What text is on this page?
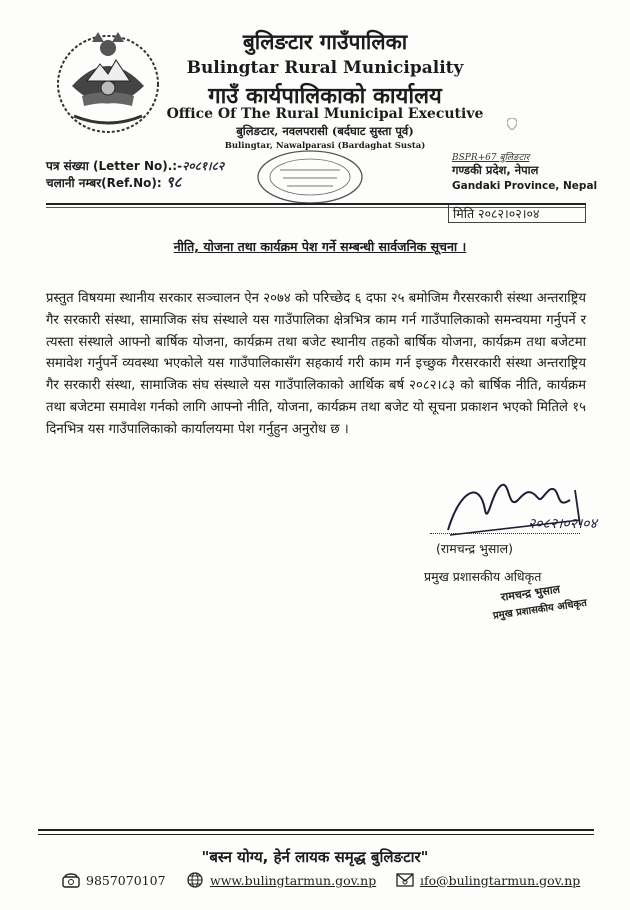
बुलिङटार गाउँपालिका
Bulingtar Rural Municipality
गाउँ कार्यपालिकाको कार्यालय
Office Of The Rural Municipal Executive
बुलिङटार, नवलपरासी (बर्दघाट सुस्ता पूर्व)
Bulingtar, Nawalparasi (Bardaghat Susta)
पत्र संख्या (Letter No).:-२०८१।८२
चलानी नम्बर(Ref.No): ९८
BSPR+67 बुलिङटार
गण्डकी प्रदेश, नेपाल
Gandaki Province, Nepal
मिति २०८२।०२।०४
नीति, योजना तथा कार्यक्रम पेश गर्ने सम्बन्धी सार्वजनिक सूचना ।
प्रस्तुत विषयमा स्थानीय सरकार सञ्चालन ऐन २०७४ को परिच्छेद ६ दफा २५ बमोजिम गैरसरकारी संस्था अन्तराष्ट्रिय गैर सरकारी संस्था, सामाजिक संघ संस्थाले यस गाउँपालिका क्षेत्रभित्र काम गर्न गाउँपालिकाको समन्वयमा गर्नुपर्ने र त्यस्ता संस्थाले आफ्नो बार्षिक योजना, कार्यक्रम तथा बजेट स्थानीय तहको बार्षिक योजना, कार्यक्रम तथा बजेटमा समावेश गर्नुपर्ने व्यवस्था भएकोले यस गाउँपालिकासँग सहकार्य गरी काम गर्न इच्छुक गैरसरकारी संस्था अन्तराष्ट्रिय गैर सरकारी संस्था, सामाजिक संघ संस्थाले यस गाउँपालिकाको आर्थिक बर्ष २०८२।८३ को बार्षिक नीति, कार्यक्रम तथा बजेटमा समावेश गर्नको लागि आफ्नो नीति, योजना, कार्यक्रम तथा बजेट यो सूचना प्रकाशन भएको मितिले १५ दिनभित्र यस गाउँपालिकाको कार्यालयमा पेश गर्नुहुन अनुरोध छ ।
२०८२।०२।०४
(रामचन्द्र भुसाल)
प्रमुख प्रशासकीय अधिकृत
रामचन्द्र भुसाल
प्रमुख प्रशासकीय अधिकृत
"बस्न योग्य, हेर्न लायक समृद्ध बुलिङटार"
9857070107	www.bulingtarmun.gov.np	ıfo@bulingtarmun.gov.np
